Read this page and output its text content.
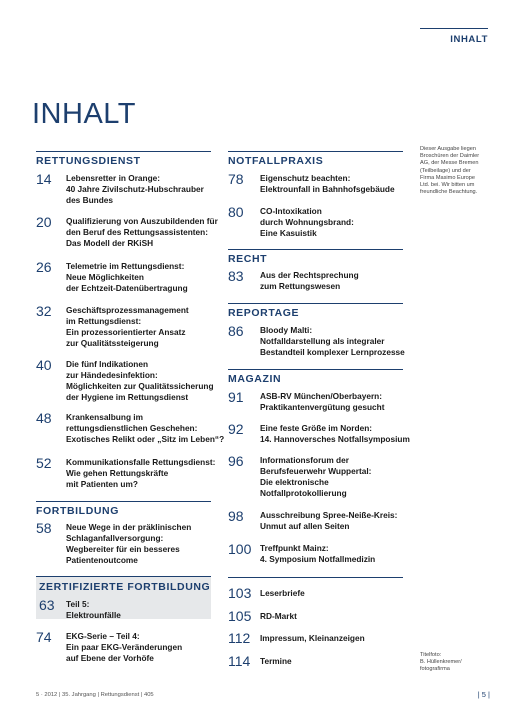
INHALT
INHALT
RETTUNGSDIENST
14 Lebensretter in Orange:
40 Jahre Zivilschutz-Hubschrauber
des Bundes
20 Qualifizierung von Auszubildenden für
den Beruf des Rettungsassistenten:
Das Modell der RKiSH
26 Telemetrie im Rettungsdienst:
Neue Möglichkeiten
der Echtzeit-Datenübertragung
32 Geschäftsprozessmanagement
im Rettungsdienst:
Ein prozessorientierter Ansatz
zur Qualitätssteigerung
40 Die fünf Indikationen
zur Händedesinfektion:
Möglichkeiten zur Qualitätssicherung
der Hygiene im Rettungsdienst
48 Krankensalbung im
rettungsdienstlichen Geschehen:
Exotisches Relikt oder „Sitz im Leben“?
52 Kommunikationsfalle Rettungsdienst:
Wie gehen Rettungskräfte
mit Patienten um?
FORTBILDUNG
58 Neue Wege in der präklinischen
Schlaganfallversorgung:
Wegbereiter für ein besseres
Patientenoutcome
ZERTIFIZIERTE FORTBILDUNG
63 Teil 5:
Elektrounfälle
74 EKG-Serie – Teil 4:
Ein paar EKG-Veränderungen
auf Ebene der Vorhöfe
NOTFALLPRAXIS
78 Eigenschutz beachten:
Elektrounfall in Bahnhofsgebäude
80 CO-Intoxikation
durch Wohnungsbrand:
Eine Kasuistik
RECHT
83 Aus der Rechtsprechung
zum Rettungswesen
REPORTAGE
86 Bloody Malti:
Notfalldarstellung als integraler
Bestandteil komplexer Lernprozesse
MAGAZIN
91 ASB-RV München/Oberbayern:
Praktikantenvergütung gesucht
92 Eine feste Größe im Norden:
14. Hannoversches Notfallsymposium
96 Informationsforum der
Berufsfeuerwehr Wuppertal:
Die elektronische
Notfallprotokollierung
98 Ausschreibung Spree-Neiße-Kreis:
Unmut auf allen Seiten
100 Treffpunkt Mainz:
4. Symposium Notfallmedizin
103 Leserbriefe
105 RD-Markt
112 Impressum, Kleinanzeigen
114 Termine
Dieser Ausgabe liegen
Broschüren der Daimler
AG, der Messe Bremen
(Teilbeilage) und der
Firma Masimo Europe
Ltd. bei. Wir bitten um
freundliche Beachtung.
Titelfoto:
B. Hüllenkremer/
fotografirma
5 · 2012 | 35. Jahrgang | Rettungsdienst | 405	| 5 |
